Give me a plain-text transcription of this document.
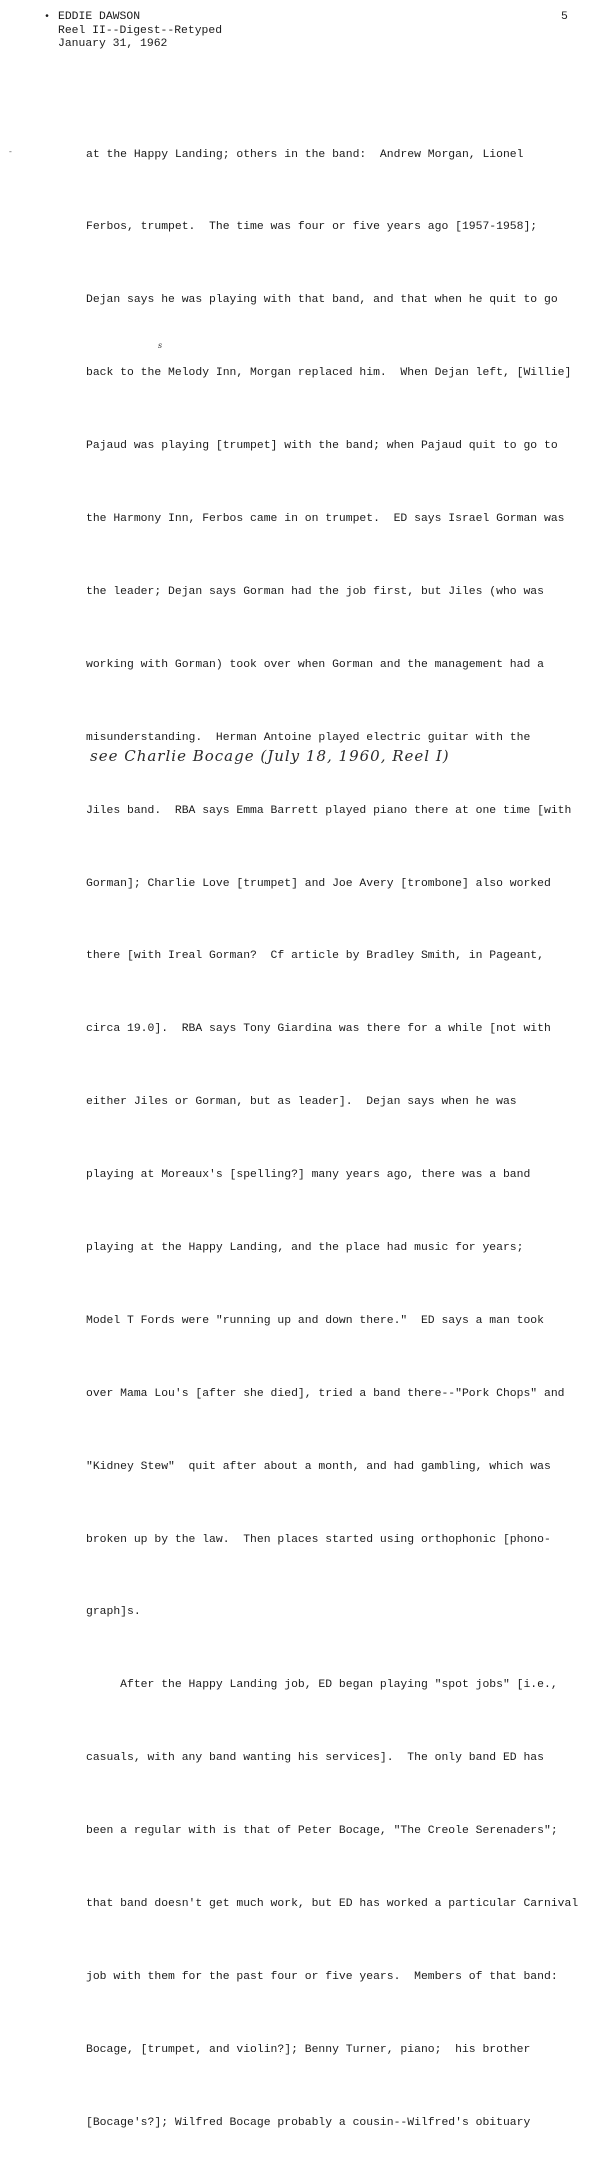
• EDDIE DAWSON
Reel II--Digest--Retyped
January 31, 1962
5
-

	at the Happy Landing; others in the band:  Andrew Morgan, Lionel

Ferbos, trumpet.  The time was four or five years ago [1957-1958];

Dejan says he was playing with that band, and that when he quit to go

back to the Melody Inn, Morgan replaced him.  When Dejan left, [Willie]

Pajaud was playing [trumpet] with the band; when Pajaud quit to go to

the Harmony Inn, Ferbos came in on trumpet.  ED says Israel Gorman was

the leader; Dejan says Gorman had the job first, but Jiles (who was

working with Gorman) took over when Gorman and the management had a

misunderstanding.  Herman Antoine played electric guitar with the

Jiles band.  RBA says Emma Barrett played piano there at one time [with

Gorman]; Charlie Love [trumpet] and Joe Avery [trombone] also worked

there [with Ireal Gorman?  Cf article by Bradley Smith, in Pageant,

circa 19.0].  RBA says Tony Giardina was there for a while [not with

either Jiles or Gorman, but as leader].  Dejan says when he was

playing at Moreaux's [spelling?] many years ago, there was a band

playing at the Happy Landing, and the place had music for years;

Model T Fords were "running up and down there."  ED says a man took

over Mama Lou's [after she died], tried a band there--"Pork Chops" and

"Kidney Stew"  quit after about a month, and had gambling, which was

broken up by the law.  Then places started using orthophonic [phono-

graph]s.

After the Happy Landing job, ED began playing "spot jobs" [i.e.,

casuals, with any band wanting his services].  The only band ED has

been a regular with is that of Peter Bocage, "The Creole Serenaders";

that band doesn't get much work, but ED has worked a particular Carnival

job with them for the past four or five years.  Members of that band:

Bocage, [trumpet, and violin?]; Benny Turner, piano;  his brother

[Bocage's?]; Wilfred Bocage probably a cousin--Wilfred's obituary

s
see Charlie Bocage (July 18, 1960, Reel I)
